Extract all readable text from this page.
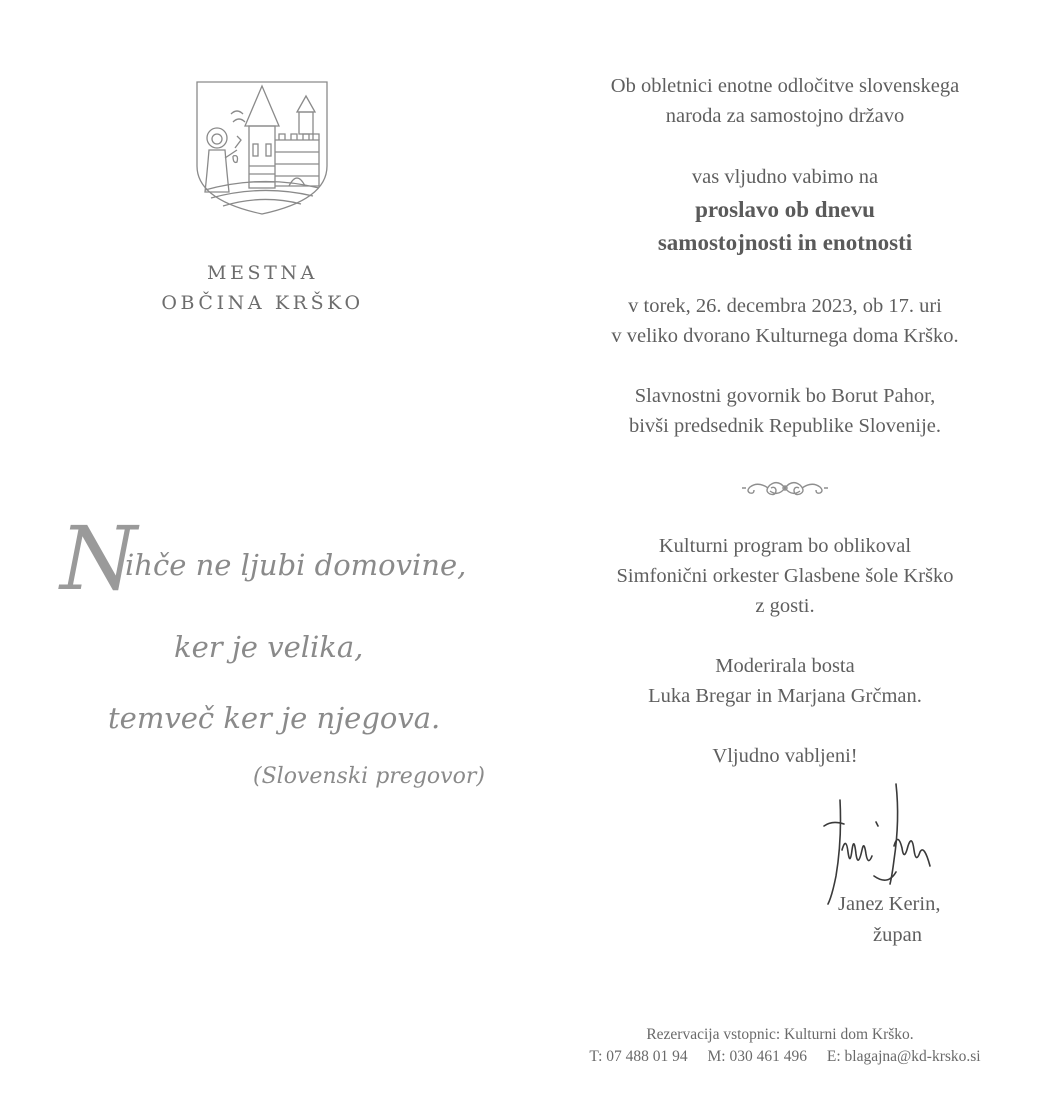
MESTNA
OBČINA KRŠKO
Nihče ne ljubi domovine,
ker je velika,
temveč ker je njegova.
(Slovenski pregovor)
Ob obletnici enotne odločitve slovenskega
naroda za samostojno državo
vas vljudno vabimo na
proslavo ob dnevu
samostojnosti in enotnosti
v torek, 26. decembra 2023, ob 17. uri
v veliko dvorano Kulturnega doma Krško.
Slavnostni govornik bo Borut Pahor,
bivši predsednik Republike Slovenije.
Kulturni program bo oblikoval
Simfonični orkester Glasbene šole Krško
z gosti.
Moderirala bosta
Luka Bregar in Marjana Grčman.
Vljudno vabljeni!
Janez Kerin,
župan
Rezervacija vstopnic: Kulturni dom Krško.
T: 07 488 01 94 M: 030 461 496 E: blagajna@kd-krsko.si
